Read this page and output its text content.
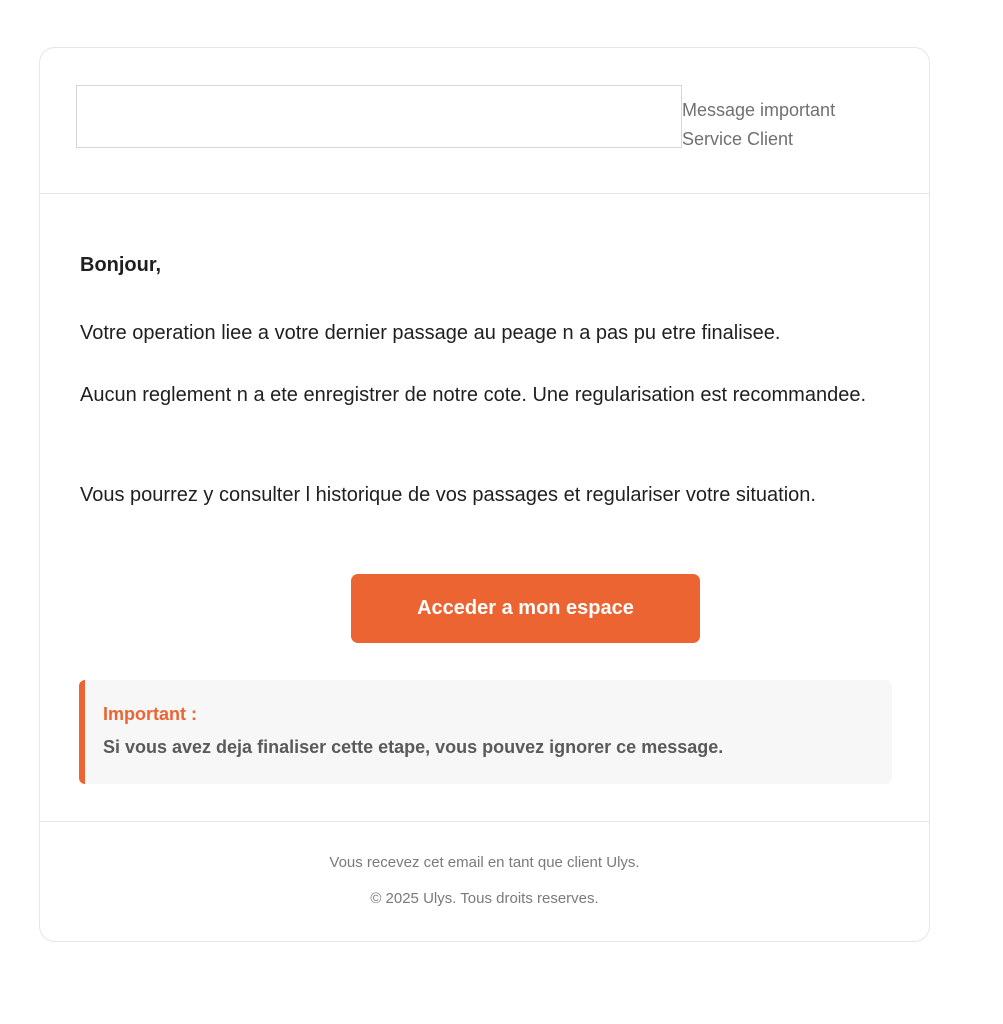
Message important
Service Client
Bonjour,
Votre operation liee a votre dernier passage au peage n a pas pu etre finalisee.
Aucun reglement n a ete enregistrer de notre cote. Une regularisation est recommandee.
Vous pourrez y consulter l historique de vos passages et regulariser votre situation.
Acceder a mon espace
Important :
Si vous avez deja finaliser cette etape, vous pouvez ignorer ce message.
Vous recevez cet email en tant que client Ulys.
© 2025 Ulys. Tous droits reserves.
